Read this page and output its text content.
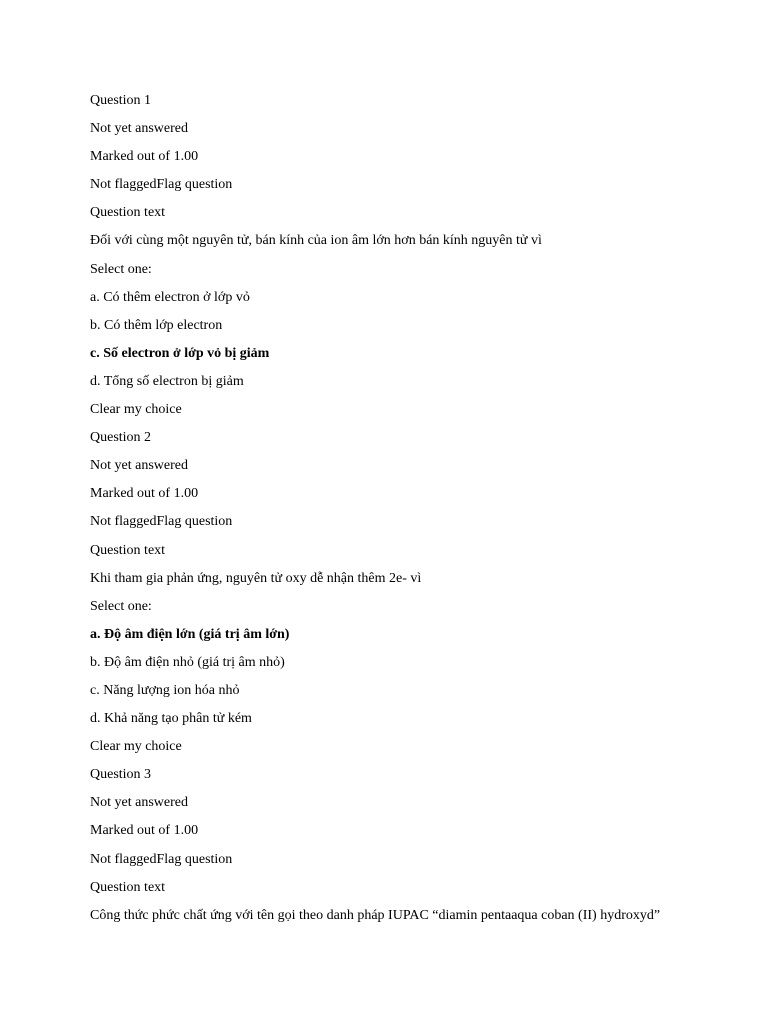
Question 1
Not yet answered
Marked out of 1.00
Not flaggedFlag question
Question text
Đối với cùng một nguyên tử, bán kính của ion âm lớn hơn bán kính nguyên tử vì
Select one:
a. Có thêm electron ở lớp vỏ
b. Có thêm lớp electron
c. Số electron ở lớp vỏ bị giảm
d. Tổng số electron bị giảm
Clear my choice
Question 2
Not yet answered
Marked out of 1.00
Not flaggedFlag question
Question text
Khi tham gia phản ứng, nguyên tử oxy dễ nhận thêm 2e- vì
Select one:
a. Độ âm điện lớn (giá trị âm lớn)
b. Độ âm điện nhỏ (giá trị âm nhỏ)
c. Năng lượng ion hóa nhỏ
d. Khả năng tạo phân tử kém
Clear my choice
Question 3
Not yet answered
Marked out of 1.00
Not flaggedFlag question
Question text
Công thức phức chất ứng với tên gọi theo danh pháp IUPAC “diamin pentaaqua coban (II) hydroxyd”
